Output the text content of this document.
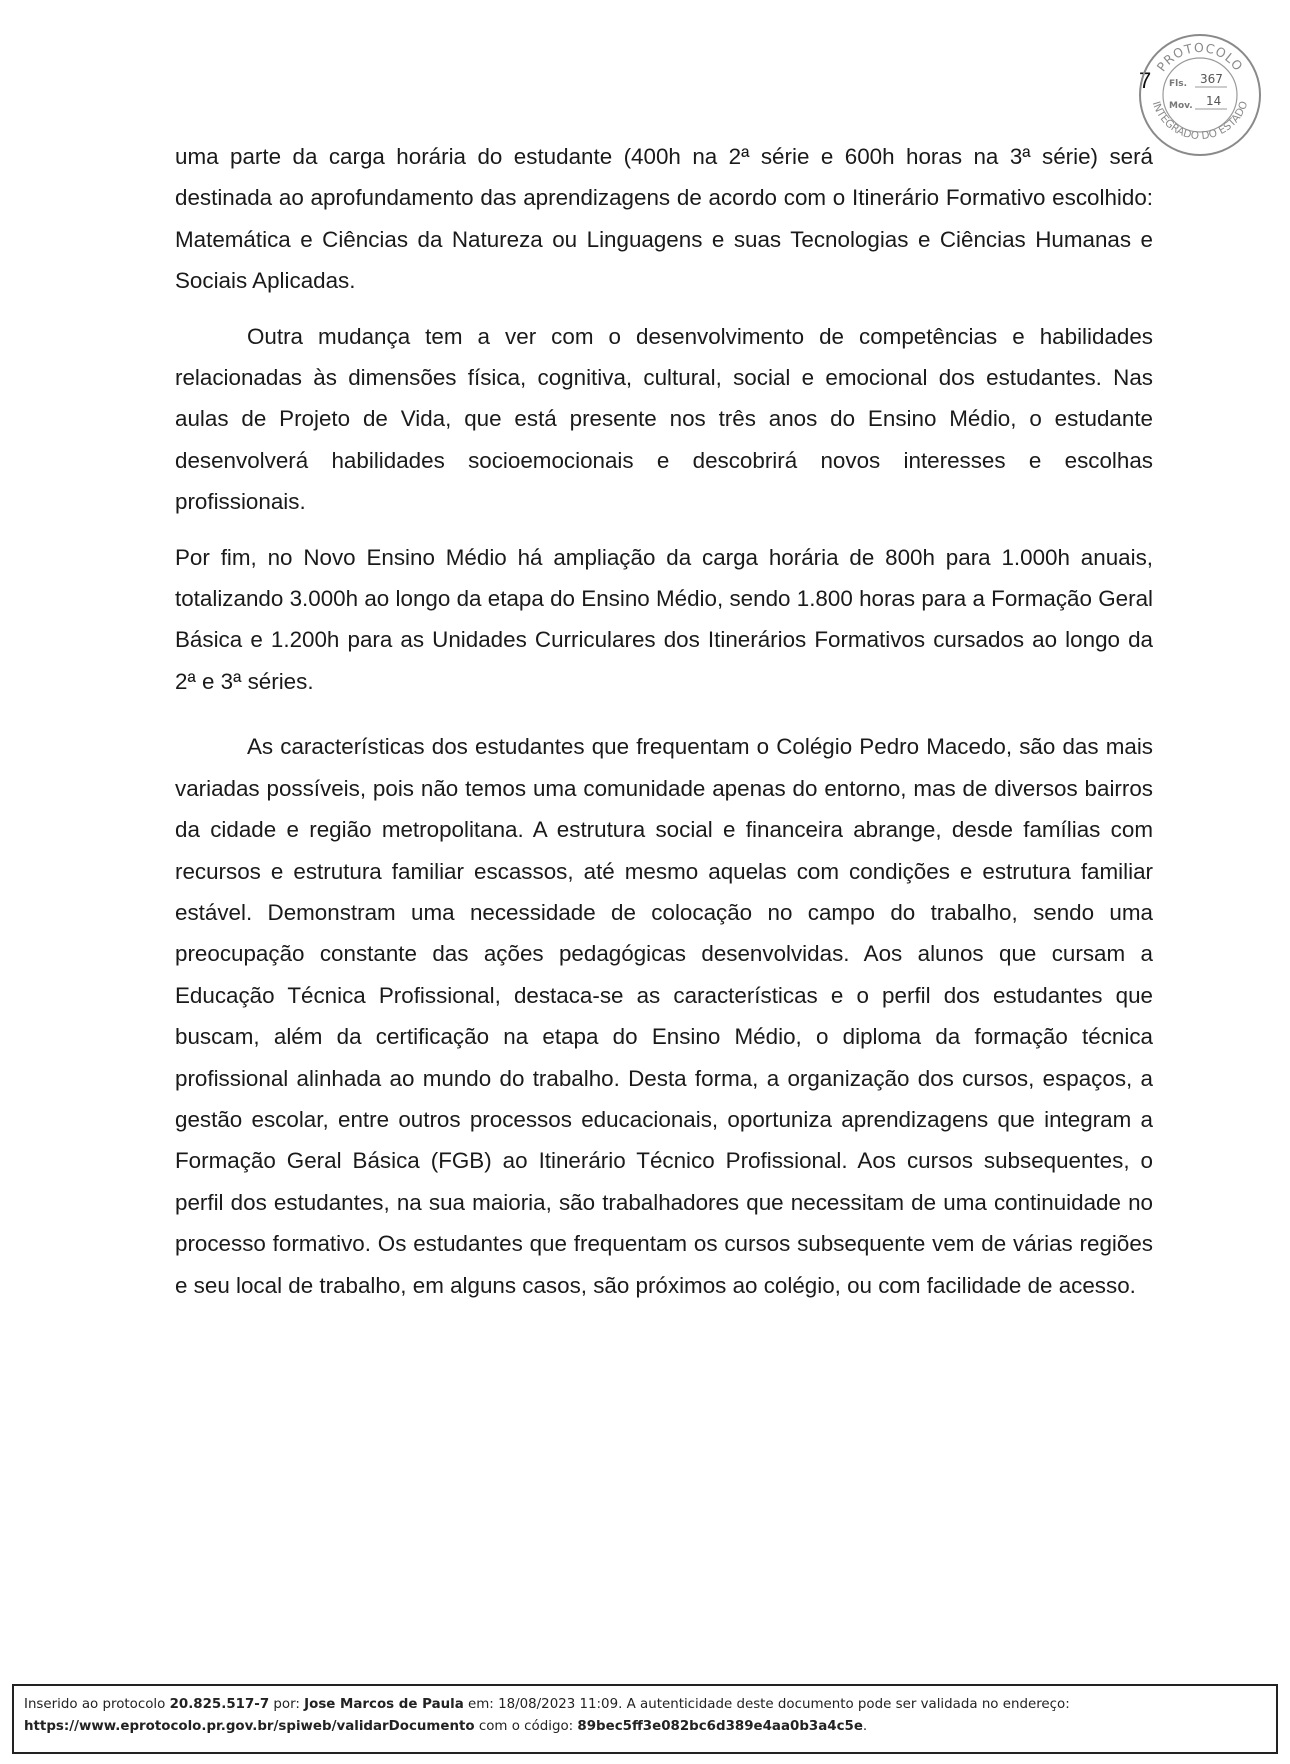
7
PROTOCOLO
INTEGRADO DO ESTADO
Fls. 367
Mov. 14

uma parte da carga horária do estudante (400h na 2ª série e 600h horas na 3ª série) será destinada ao aprofundamento das aprendizagens de acordo com o Itinerário Formativo escolhido: Matemática e Ciências da Natureza ou Linguagens e suas Tecnologias e Ciências Humanas e Sociais Aplicadas.

Outra mudança tem a ver com o desenvolvimento de competências e habilidades relacionadas às dimensões física, cognitiva, cultural, social e emocional dos estudantes. Nas aulas de Projeto de Vida, que está presente nos três anos do Ensino Médio, o estudante desenvolverá habilidades socioemocionais e descobrirá novos interesses e escolhas profissionais.

Por fim, no Novo Ensino Médio há ampliação da carga horária de 800h para 1.000h anuais, totalizando 3.000h ao longo da etapa do Ensino Médio, sendo 1.800 horas para a Formação Geral Básica e 1.200h para as Unidades Curriculares dos Itinerários Formativos cursados ao longo da 2ª e 3ª séries.

As características dos estudantes que frequentam o Colégio Pedro Macedo, são das mais variadas possíveis, pois não temos uma comunidade apenas do entorno, mas de diversos bairros da cidade e região metropolitana. A estrutura social e financeira abrange, desde famílias com recursos e estrutura familiar escassos, até mesmo aquelas com condições e estrutura familiar estável. Demonstram uma necessidade de colocação no campo do trabalho, sendo uma preocupação constante das ações pedagógicas desenvolvidas. Aos alunos que cursam a Educação Técnica Profissional, destaca-se as características e o perfil dos estudantes que buscam, além da certificação na etapa do Ensino Médio, o diploma da formação técnica profissional alinhada ao mundo do trabalho. Desta forma, a organização dos cursos, espaços, a gestão escolar, entre outros processos educacionais, oportuniza aprendizagens que integram a Formação Geral Básica (FGB) ao Itinerário Técnico Profissional. Aos cursos subsequentes, o perfil dos estudantes, na sua maioria, são trabalhadores que necessitam de uma continuidade no processo formativo. Os estudantes que frequentam os cursos subsequente vem de várias regiões e seu local de trabalho, em alguns casos, são próximos ao colégio, ou com facilidade de acesso.

Inserido ao protocolo 20.825.517-7 por: Jose Marcos de Paula em: 18/08/2023 11:09. A autenticidade deste documento pode ser validada no endereço:
https://www.eprotocolo.pr.gov.br/spiweb/validarDocumento com o código: 89bec5ff3e082bc6d389e4aa0b3a4c5e.
